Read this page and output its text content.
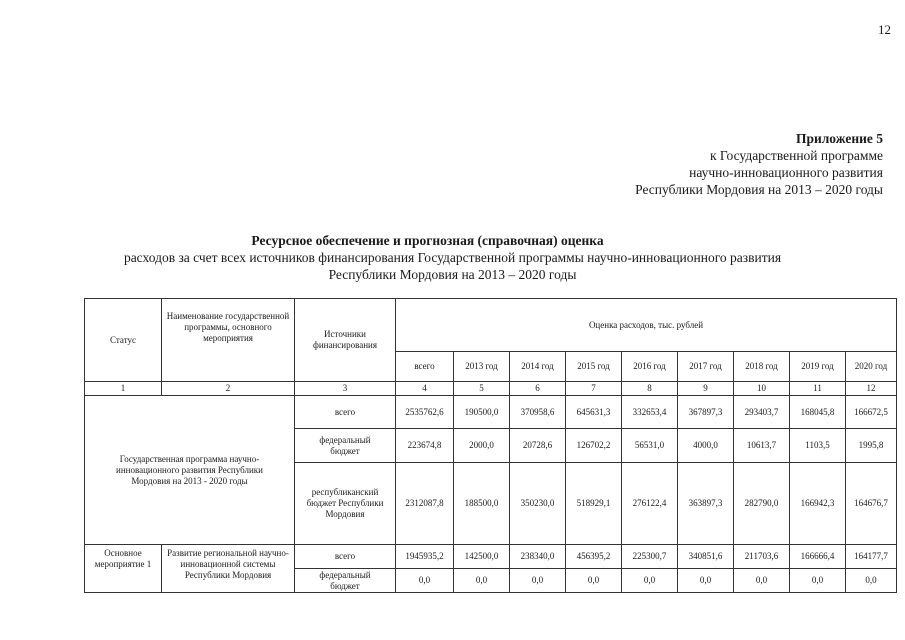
12
Приложение 5
к Государственной программе
научно-инновационного развития
Республики Мордовия на 2013 – 2020 годы
Ресурсное обеспечение и прогнозная (справочная) оценка
расходов за счет всех источников финансирования Государственной программы научно-инновационного развития
Республики Мордовия на 2013 – 2020 годы
Статус	Наименование государственной программы, основного мероприятия	Источники финансирования	Оценка расходов, тыс. рублей								
			всего	2013 год	2014 год	2015 год	2016 год	2017 год	2018 год	2019 год	2020 год
1	2	3	4	5	6	7	8	9	10	11	12
Государственная программа научно-инновационного развития Республики Мордовия на 2013 - 2020 годы		всего	2535762,6	190500,0	370958,6	645631,3	332653,4	367897,3	293403,7	168045,8	166672,5
		федеральный бюджет	223674,8	2000,0	20728,6	126702,2	56531,0	4000,0	10613,7	1103,5	1995,8
		республиканский бюджет Республики Мордовия	2312087,8	188500,0	350230,0	518929,1	276122,4	363897,3	282790,0	166942,3	164676,7
Основное мероприятие 1	Развитие региональной научно-инновационной системы Республики Мордовия	всего	1945935,2	142500,0	238340,0	456395,2	225300,7	340851,6	211703,6	166666,4	164177,7
		федеральный бюджет	0,0	0,0	0,0	0,0	0,0	0,0	0,0	0,0	0,0
